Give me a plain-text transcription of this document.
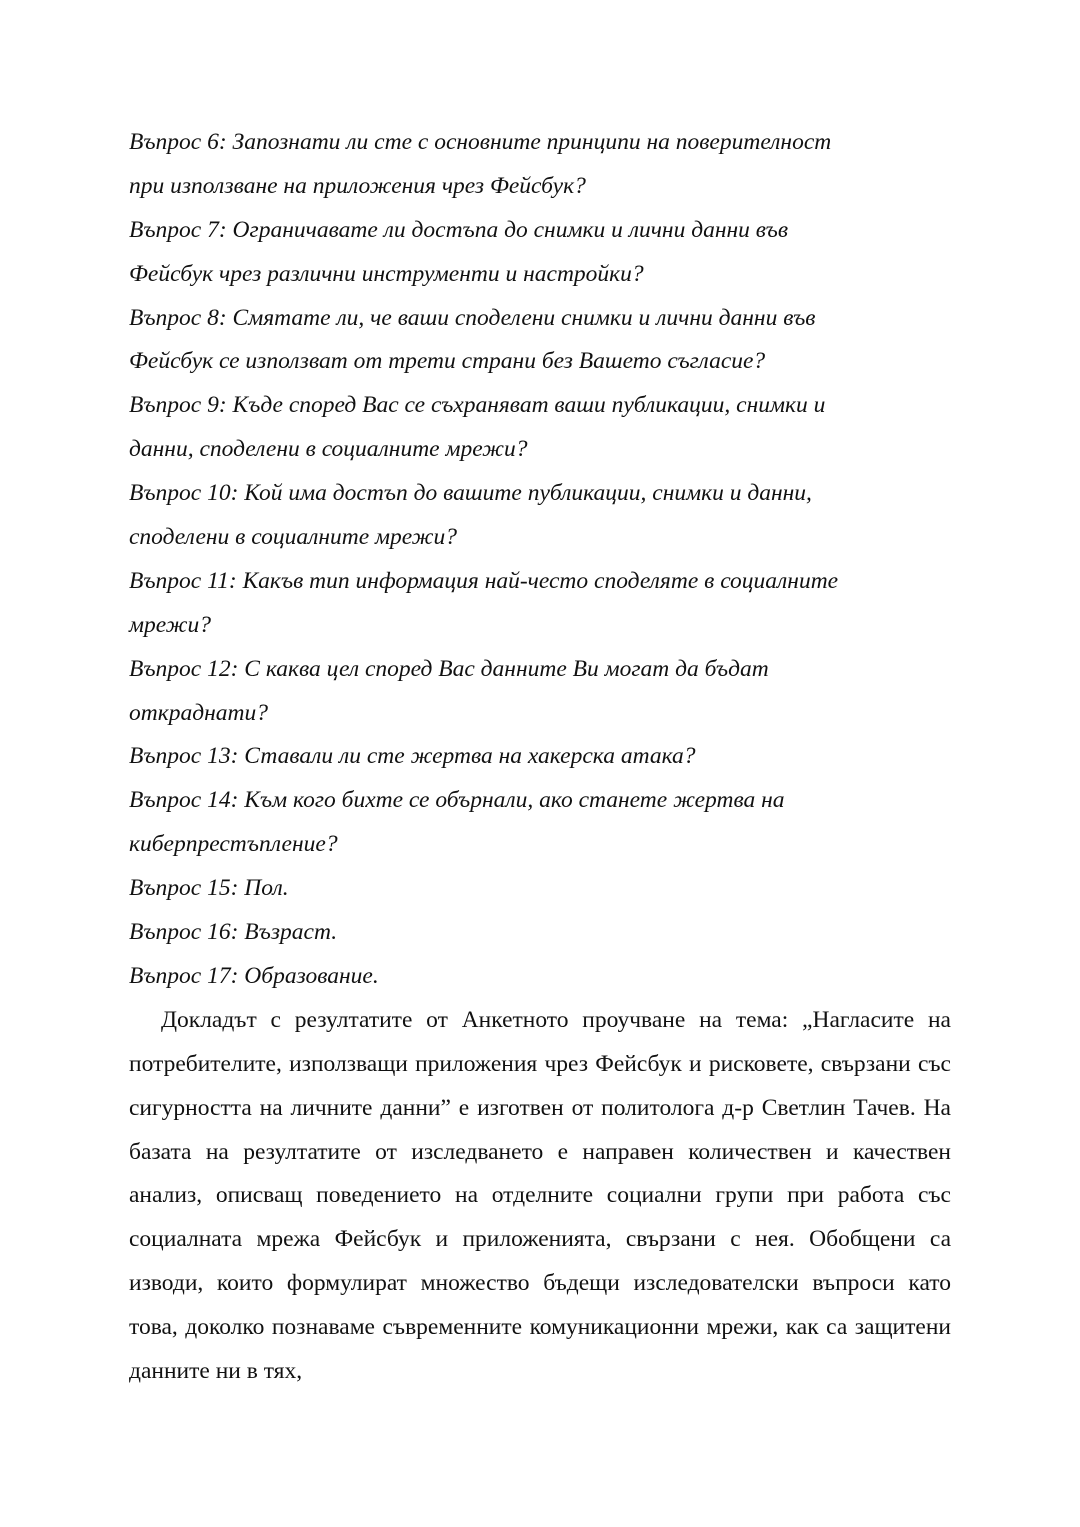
Въпрос 6: Запознати ли сте с основните принципи на поверителност
при използване на приложения чрез Фейсбук?
Въпрос 7: Ограничавате ли достъпа до снимки и лични данни във
Фейсбук чрез различни инструменти и настройки?
Въпрос 8: Смятате ли, че ваши споделени снимки и лични данни във
Фейсбук се използват от трети страни без Вашето съгласие?
Въпрос 9: Къде според Вас се съхраняват ваши публикации, снимки и
данни, споделени в социалните мрежи?
Въпрос 10: Кой има достъп до вашите публикации, снимки и данни,
споделени в социалните мрежи?
Въпрос 11: Какъв тип информация най-често споделяте в социалните
мрежи?
Въпрос 12: С каква цел според Вас данните Ви могат да бъдат
откраднати?
Въпрос 13: Ставали ли сте жертва на хакерска атака?
Въпрос 14: Към кого бихте се обърнали, ако станете жертва на
киберпрестъпление?
Въпрос 15: Пол.
Въпрос 16: Възраст.
Въпрос 17: Образование.

Докладът с резултатите от Анкетното проучване на тема: „Нагласите на потребителите, използващи приложения чрез Фейсбук и рисковете, свързани със сигурността на личните данни” е изготвен от политолога д-р Светлин Тачев. На базата на резултатите от изследването е направен количествен и качествен анализ, описващ поведението на отделните социални групи при работа със социалната мрежа Фейсбук и приложенията, свързани с нея. Обобщени са изводи, които формулират множество бъдещи изследователски въпроси като това, доколко познаваме съвременните комуникационни мрежи, как са защитени данните ни в тях,
